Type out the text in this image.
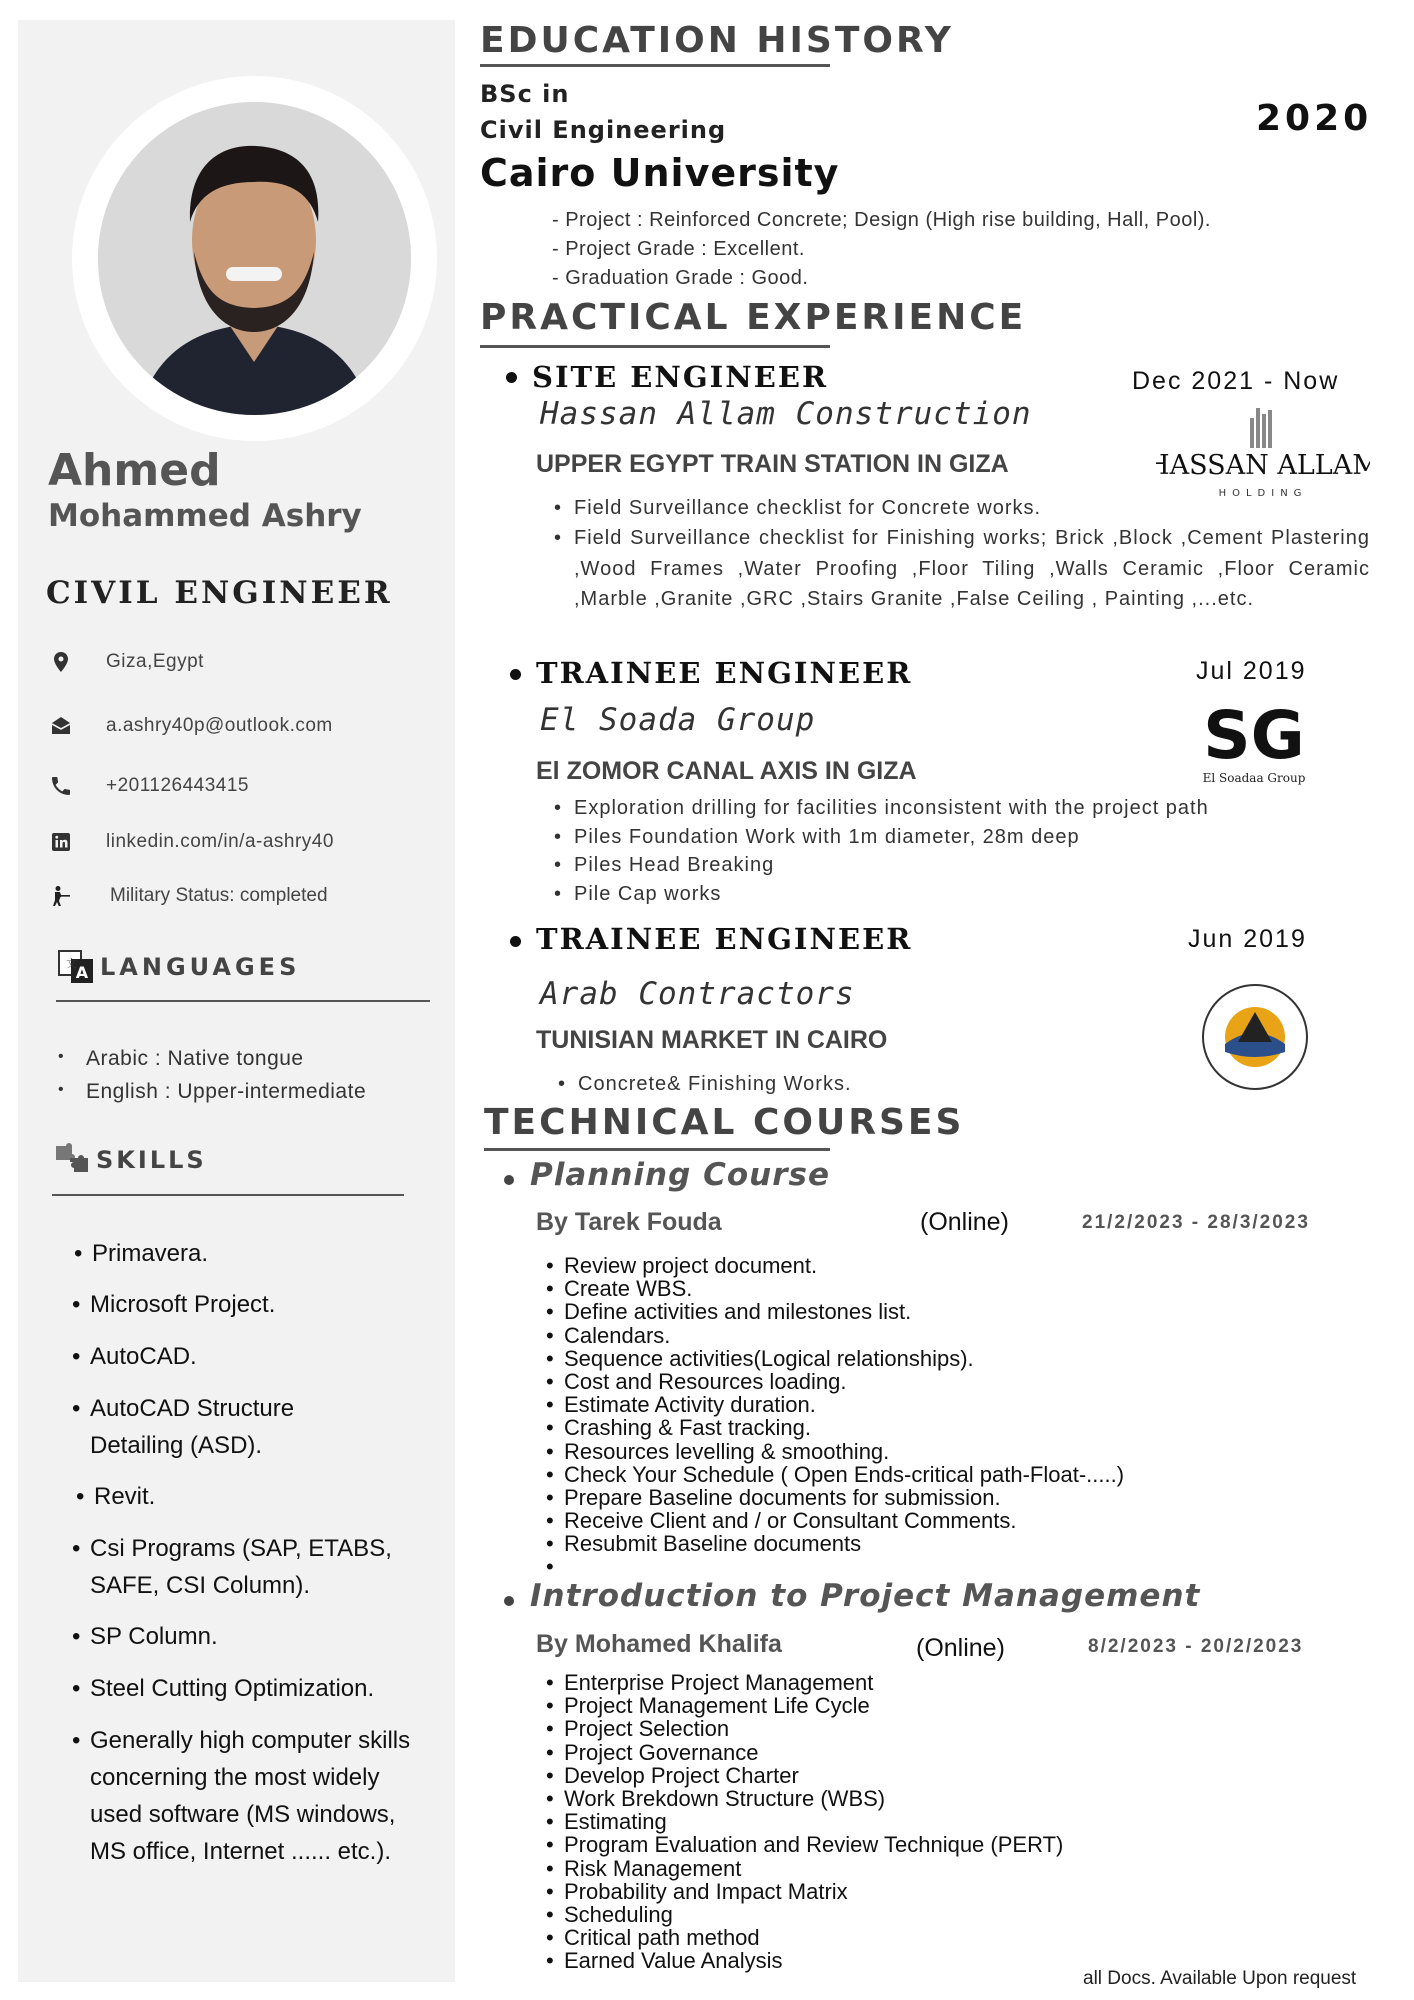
Ahmed
Mohammed Ashry
CIVIL ENGINEER
Giza,Egypt
a.ashry40p@outlook.com
+201126443415
linkedin.com/in/a-ashry40
Military Status: completed
A
文 LANGUAGES
• Arabic : Native tongue
• English : Upper-intermediate
SKILLS
• Primavera.
• Microsoft Project.
• AutoCAD.
• AutoCAD Structure Detailing (ASD).
• Revit.
• Csi Programs (SAP, ETABS, SAFE, CSI Column).
• SP Column.
• Steel Cutting Optimization.
• Generally high computer skills concerning the most widely used software (MS windows, MS office, Internet ...... etc.).
EDUCATION HISTORY
BSc in
Civil Engineering	2020
Cairo University
- Project : Reinforced Concrete; Design (High rise building, Hall, Pool).
- Project Grade : Excellent.
- Graduation Grade : Good.
PRACTICAL EXPERIENCE
SITE ENGINEER	Dec 2021 - Now
Hassan Allam Construction
UPPER EGYPT TRAIN STATION IN GIZA	HASSAN ALLAM
HOLDING
• Field Surveillance checklist for Concrete works.
• Field Surveillance checklist for Finishing works; Brick ,Block ,Cement Plastering ,Wood Frames ,Water Proofing ,Floor Tiling ,Walls Ceramic ,Floor Ceramic ,Marble ,Granite ,GRC ,Stairs Granite ,False Ceiling , Painting ,...etc.
TRAINEE ENGINEER	Jul 2019
El Soada Group
El ZOMOR CANAL AXIS IN GIZA	SG
El Soadaa Group
• Exploration drilling for facilities inconsistent with the project path
• Piles Foundation Work with 1m diameter, 28m deep
• Piles Head Breaking
• Pile Cap works
TRAINEE ENGINEER	Jun 2019
Arab Contractors
TUNISIAN MARKET IN CAIRO
• Concrete& Finishing Works.
TECHNICAL COURSES
Planning Course
By Tarek Fouda	(Online)	21/2/2023 - 28/3/2023
• Review project document.
• Create WBS.
• Define activities and milestones list.
• Calendars.
• Sequence activities(Logical relationships).
• Cost and Resources loading.
• Estimate Activity duration.
• Crashing & Fast tracking.
• Resources levelling & smoothing.
• Check Your Schedule ( Open Ends-critical path-Float-.....)
• Prepare Baseline documents for submission.
• Receive Client and / or Consultant Comments.
• Resubmit Baseline documents
•
Introduction to Project Management
By Mohamed Khalifa	(Online)	8/2/2023 - 20/2/2023
• Enterprise Project Management
• Project Management Life Cycle
• Project Selection
• Project Governance
• Develop Project Charter
• Work Brekdown Structure (WBS)
• Estimating
• Program Evaluation and Review Technique (PERT)
• Risk Management
• Probability and Impact Matrix
• Scheduling
• Critical path method
• Earned Value Analysis
all Docs. Available Upon request
